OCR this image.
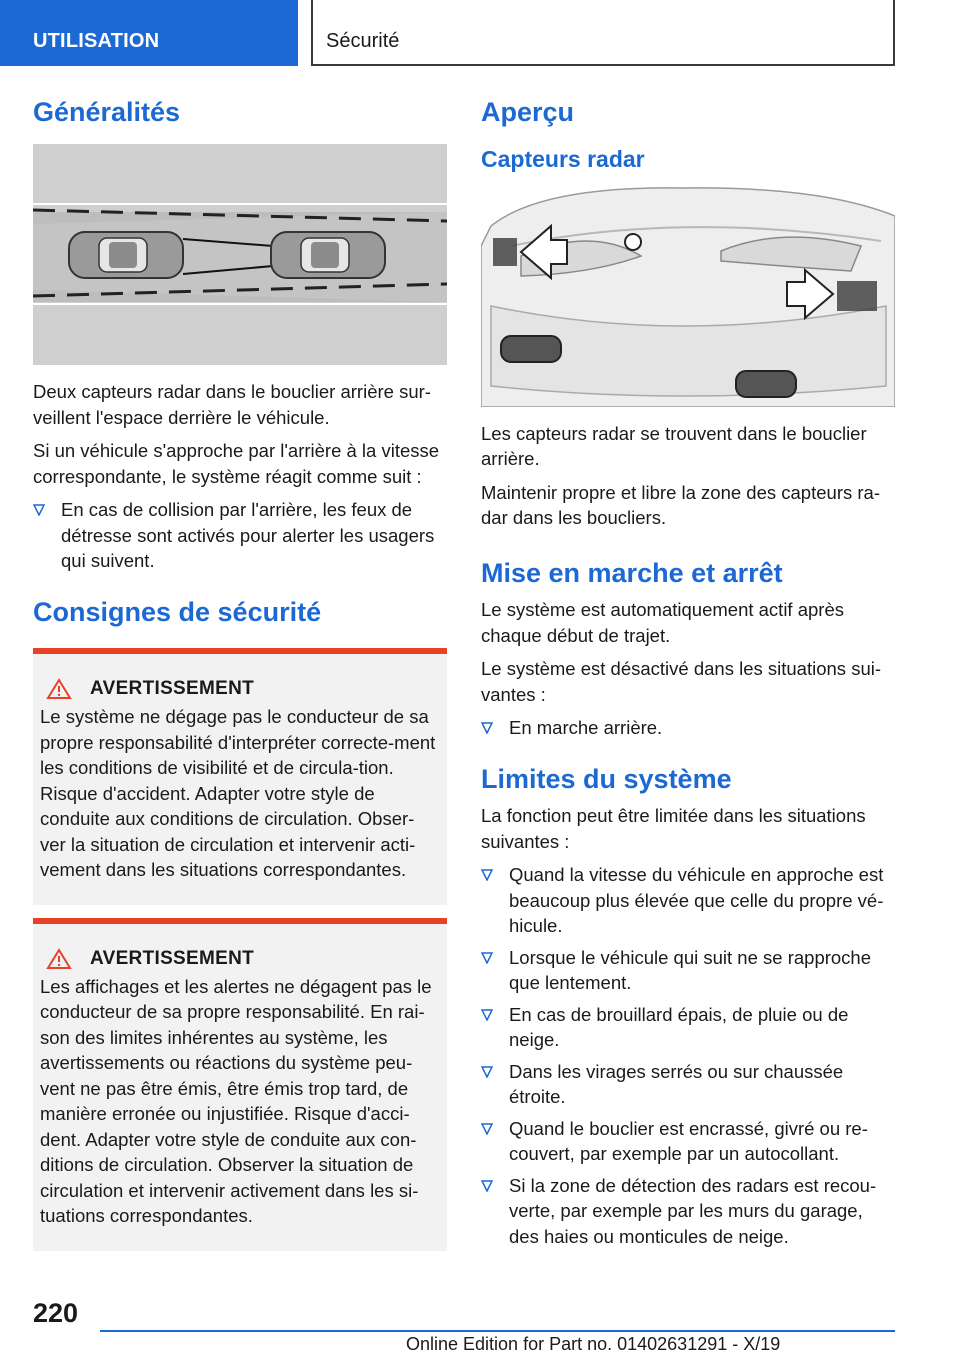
UTILISATION	Sécurité
Généralités

Deux capteurs radar dans le bouclier arrière sur-veillent l'espace derrière le véhicule.

Si un véhicule s'approche par l'arrière à la vitesse correspondante, le système réagit comme suit :

En cas de collision par l'arrière, les feux de détresse sont activés pour alerter les usagers qui suivent.
Consignes de sécurité
AVERTISSEMENT

Le système ne dégage pas le conducteur de sa propre responsabilité d'interpréter correcte-ment les conditions de visibilité et de circula-tion. Risque d'accident. Adapter votre style de conduite aux conditions de circulation. Obser-ver la situation de circulation et intervenir acti-vement dans les situations correspondantes.

AVERTISSEMENT

Les affichages et les alertes ne dégagent pas le conducteur de sa propre responsabilité. En rai-son des limites inhérentes au système, les avertissements ou réactions du système peu-vent ne pas être émis, être émis trop tard, de manière erronée ou injustifiée. Risque d'acci-dent. Adapter votre style de conduite aux con-ditions de circulation. Observer la situation de circulation et intervenir activement dans les si-tuations correspondantes.

Aperçu
Capteurs radar

Les capteurs radar se trouvent dans le bouclier arrière.

Maintenir propre et libre la zone des capteurs ra-dar dans les boucliers.

Mise en marche et arrêt

Le système est automatiquement actif après chaque début de trajet.

Le système est désactivé dans les situations sui-vantes :

En marche arrière.
Limites du système

La fonction peut être limitée dans les situations suivantes :

Quand la vitesse du véhicule en approche est beaucoup plus élevée que celle du propre vé-hicule.
Lorsque le véhicule qui suit ne se rapproche que lentement.
En cas de brouillard épais, de pluie ou de neige.
Dans les virages serrés ou sur chaussée étroite.
Quand le bouclier est encrassé, givré ou re-couvert, par exemple par un autocollant.
Si la zone de détection des radars est recou-verte, par exemple par les murs du garage, des haies ou monticules de neige.
220
Online Edition for Part no. 01402631291 - X/19
